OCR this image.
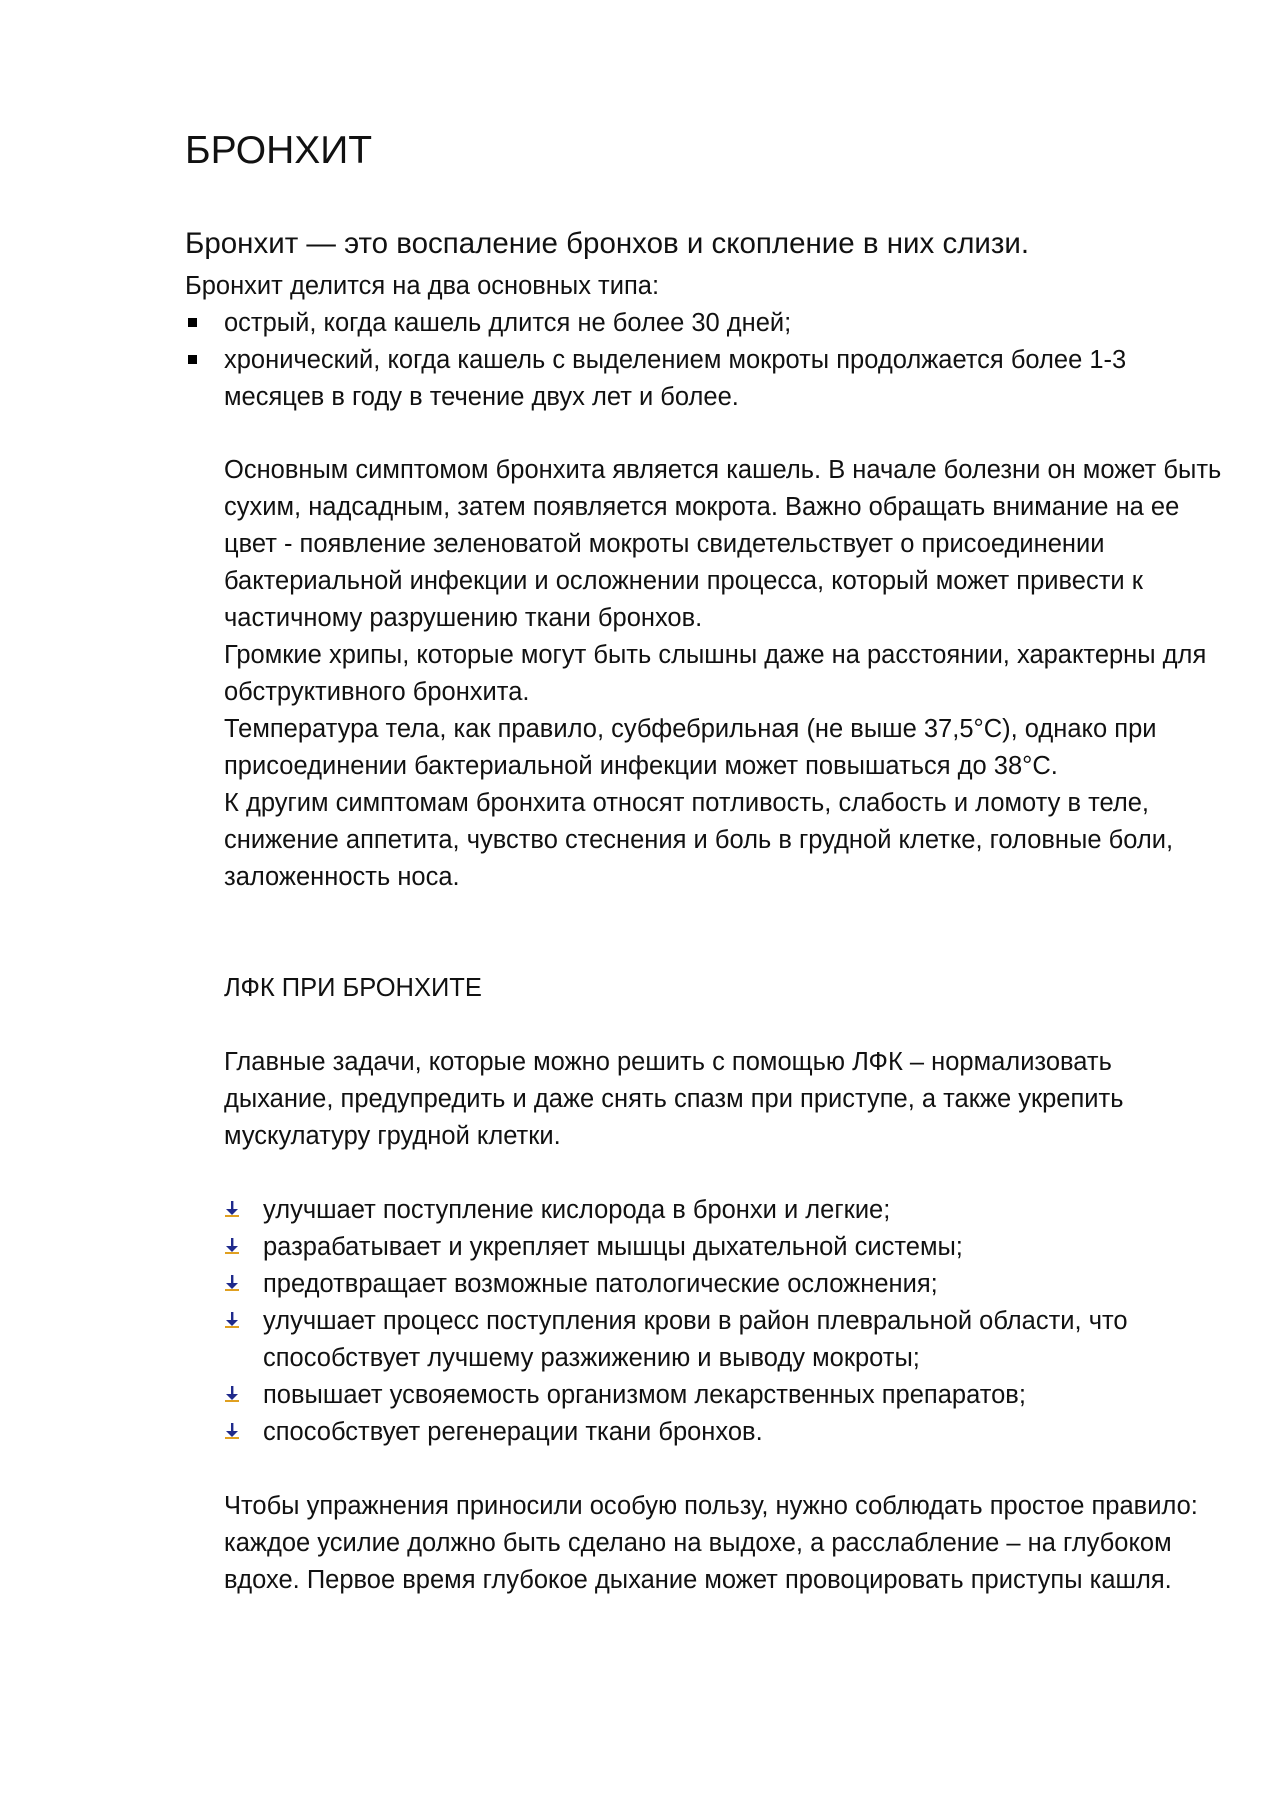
БРОНХИТ

Бронхит — это воспаление бронхов и скопление в них слизи.

Бронхит делится на два основных типа:

острый, когда кашель длится не более 30 дней;
хронический, когда кашель с выделением мокроты продолжается более 1-3 месяцев в году в течение двух лет и более.

Основным симптомом бронхита является кашель. В начале болезни он может быть сухим, надсадным, затем появляется мокрота. Важно обращать внимание на ее цвет - появление зеленоватой мокроты свидетельствует о присоединении бактериальной инфекции и осложнении процесса, который может привести к частичному разрушению ткани бронхов.

Громкие хрипы, которые могут быть слышны даже на расстоянии, характерны для обструктивного бронхита.

Температура тела, как правило, субфебрильная (не выше 37,5°С), однако при присоединении бактериальной инфекции может повышаться до 38°С.

К другим симптомам бронхита относят потливость, слабость и ломоту в теле, снижение аппетита, чувство стеснения и боль в грудной клетке, головные боли, заложенность носа.

ЛФК ПРИ БРОНХИТЕ

Главные задачи, которые можно решить с помощью ЛФК – нормализовать дыхание, предупредить и даже снять спазм при приступе, а также укрепить мускулатуру грудной клетки.

улучшает поступление кислорода в бронхи и легкие;
разрабатывает и укрепляет мышцы дыхательной системы;
предотвращает возможные патологические осложнения;
улучшает процесс поступления крови в район плевральной области, что способствует лучшему разжижению и выводу мокроты;
повышает усвояемость организмом лекарственных препаратов;
способствует регенерации ткани бронхов.

Чтобы упражнения приносили особую пользу, нужно соблюдать простое правило: каждое усилие должно быть сделано на выдохе, а расслабление – на глубоком вдохе. Первое время глубокое дыхание может провоцировать приступы кашля.
